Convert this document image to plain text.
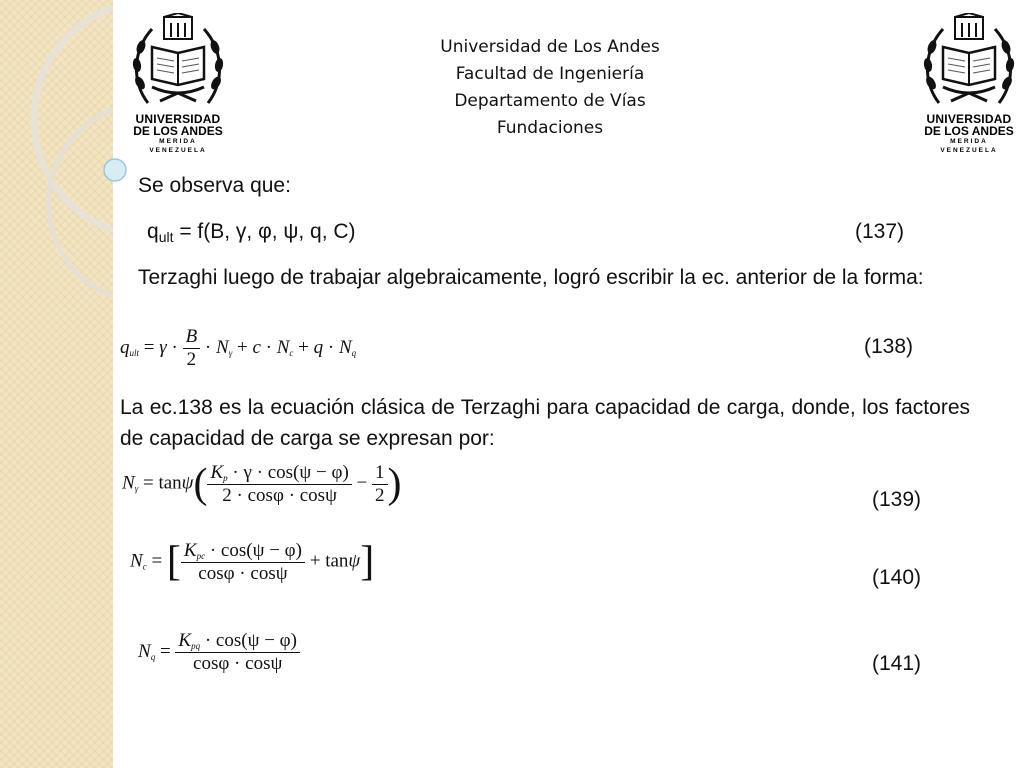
Universidad de Los Andes
Facultad de Ingeniería
Departamento de Vías
Fundaciones
UNIVERSIDAD
DE LOS ANDES
MERIDA VENEZUELA
UNIVERSIDAD
DE LOS ANDES
MERIDA VENEZUELA
Se observa que:
qult = f(B, γ, φ, ψ, q, C)	(137)
Terzaghi luego de trabajar algebraicamente, logró escribir la ec. anterior de la forma:
$q_{ult} = \gamma \cdot \frac{B}{2} \cdot N_\gamma + c \cdot N_c + q \cdot N_q$	(138)
La ec.138 es la ecuación clásica de Terzaghi para capacidad de carga, donde, los factores de capacidad de carga se expresan por:
$N_\gamma = \tan\psi( \frac{K_p \cdot \gamma \cdot \cos(\psi - \varphi)}{2 \cdot \cos\varphi \cdot \cos\psi} - \frac{1}{2}$ )	(139)
$N_c$ = [ $\frac{K_{pc} \cdot \cos(\psi - \varphi)}{\cos\varphi \cdot \cos\psi} + \tan\psi$]	(140)
$N_q = \frac{K_{pq} \cdot \cos(\psi - \varphi)}{\cos\varphi \cdot \cos\psi}$	(141)
